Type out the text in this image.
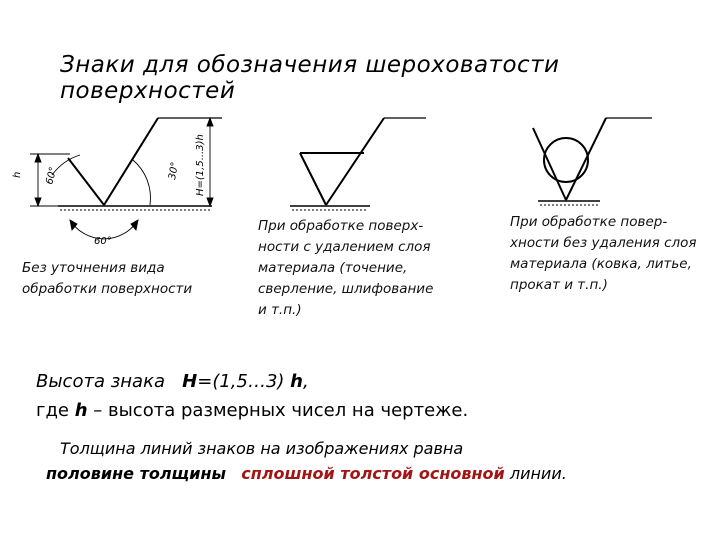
Знаки для обозначения шероховатости поверхностей
h 60°	30° H=(1,5...3)h
60°
Без уточнения вида
обработки поверхности
При обработке поверх-
ности с удалением слоя
материала (точение,
сверление, шлифование
и т.п.)
При обработке повер-
хности без удаления слоя
материала (ковка, литье,
прокат и т.п.)
Высота знака Н=(1,5…3) h,
где h – высота размерных чисел на чертеже.
Толщина линий знаков на изображениях равна
половине толщины сплошной толстой основной линии.
